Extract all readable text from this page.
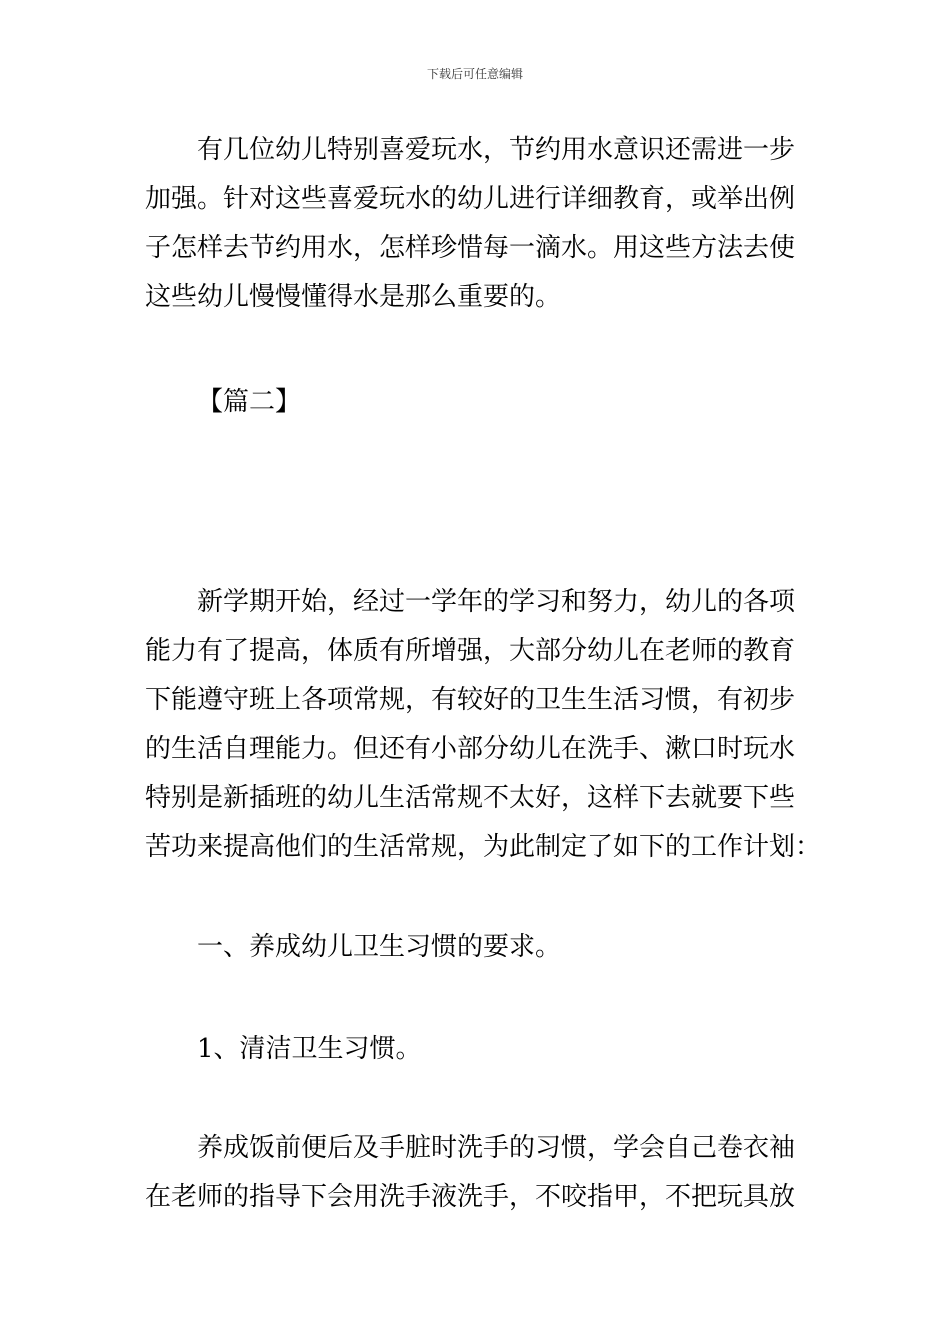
下载后可任意编辑
有几位幼儿特别喜爱玩水，节约用水意识还需进一步
加强。针对这些喜爱玩水的幼儿进行详细教育，或举出例
子怎样去节约用水，怎样珍惜每一滴水。用这些方法去使
这些幼儿慢慢懂得水是那么重要的。
【篇二】
新学期开始，经过一学年的学习和努力，幼儿的各项
能力有了提高，体质有所增强，大部分幼儿在老师的教育
下能遵守班上各项常规，有较好的卫生生活习惯，有初步
的生活自理能力。但还有小部分幼儿在洗手、漱口时玩水
特别是新插班的幼儿生活常规不太好，这样下去就要下些
苦功来提高他们的生活常规，为此制定了如下的工作计划：
一、养成幼儿卫生习惯的要求。
1、清洁卫生习惯。
养成饭前便后及手脏时洗手的习惯，学会自己卷衣袖
在老师的指导下会用洗手液洗手，不咬指甲，不把玩具放
